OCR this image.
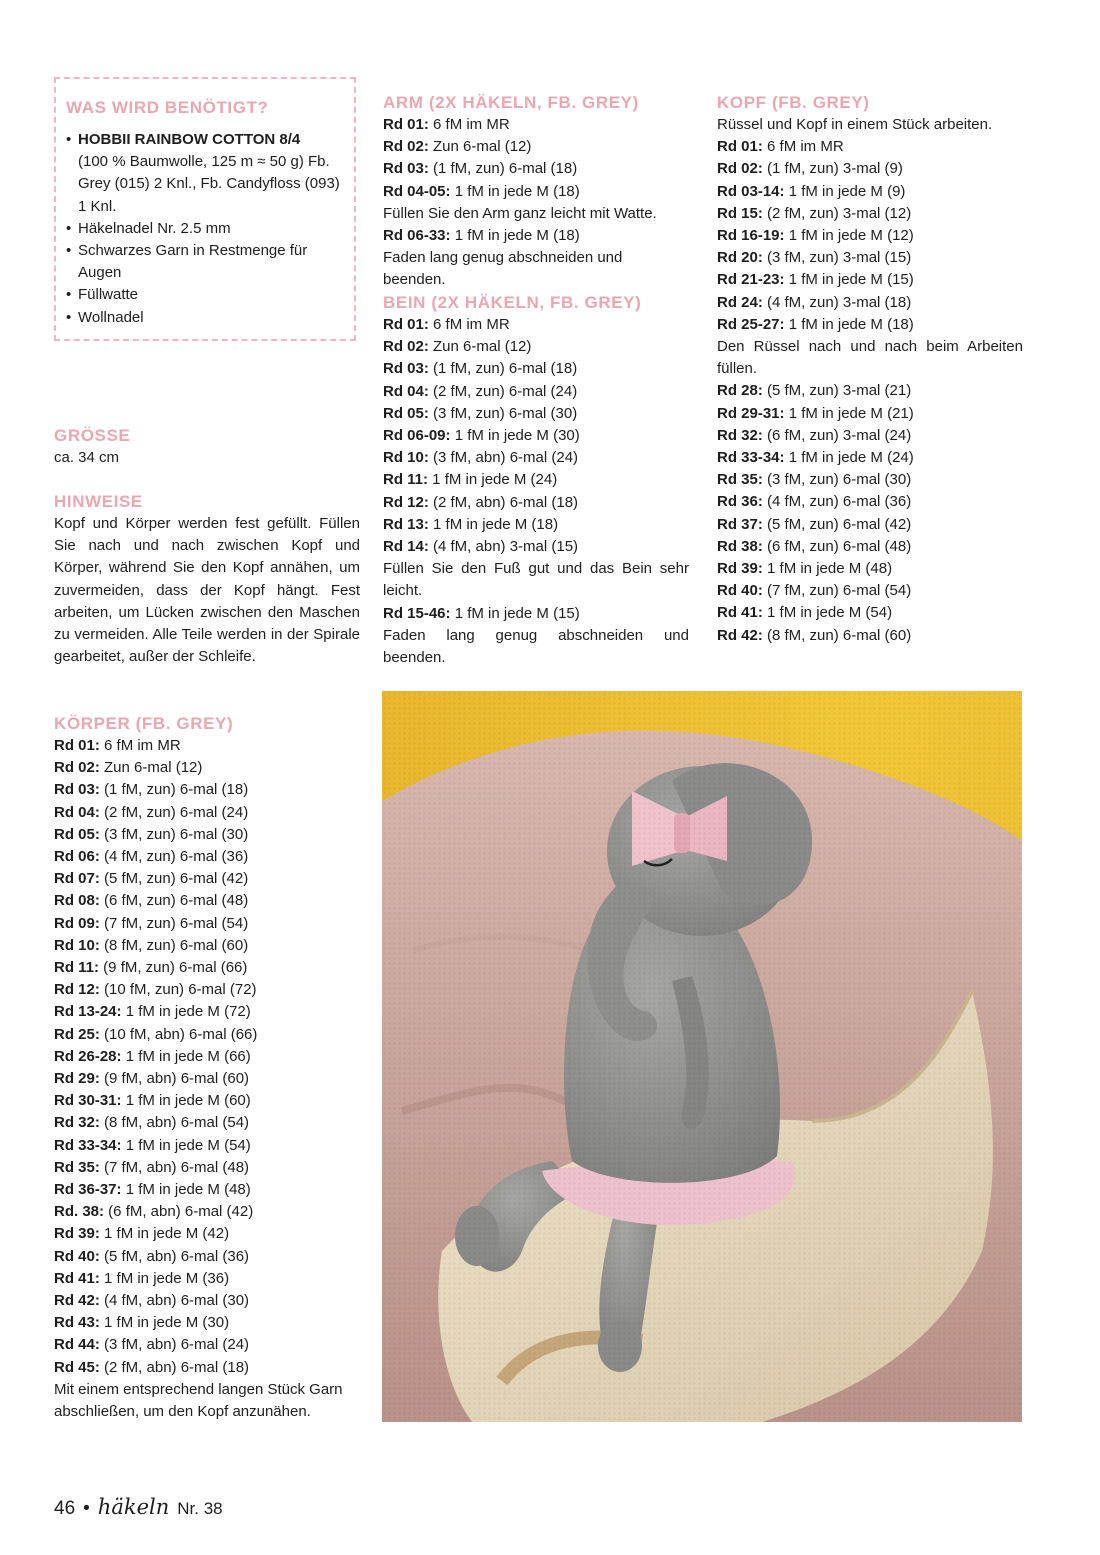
WAS WIRD BENÖTIGT?
• HOBBII RAINBOW COTTON 8/4
(100 % Baumwolle, 125 m ≈ 50 g) Fb. Grey (015) 2 Knl., Fb. Candyfloss (093) 1 Knl.
• Häkelnadel Nr. 2.5 mm
• Schwarzes Garn in Restmenge für Augen
• Füllwatte
• Wollnadel
GRÖSSE
ca. 34 cm
HINWEISE
Kopf und Körper werden fest gefüllt. Füllen Sie nach und nach zwischen Kopf und Körper, während Sie den Kopf annähen, um zuvermeiden, dass der Kopf hängt. Fest arbeiten, um Lücken zwischen den Maschen zu vermeiden. Alle Teile werden in der Spirale gearbeitet, außer der Schleife.
ARM (2X HÄKELN, FB. GREY)
Rd 01: 6 fM im MR
Rd 02: Zun 6-mal (12)
Rd 03: (1 fM, zun) 6-mal (18)
Rd 04-05: 1 fM in jede M (18)
Füllen Sie den Arm ganz leicht mit Watte.
Rd 06-33: 1 fM in jede M (18)
Faden lang genug abschneiden und beenden.
BEIN (2X HÄKELN, FB. GREY)
Rd 01: 6 fM im MR
Rd 02: Zun 6-mal (12)
Rd 03: (1 fM, zun) 6-mal (18)
Rd 04: (2 fM, zun) 6-mal (24)
Rd 05: (3 fM, zun) 6-mal (30)
Rd 06-09: 1 fM in jede M (30)
Rd 10: (3 fM, abn) 6-mal (24)
Rd 11: 1 fM in jede M (24)
Rd 12: (2 fM, abn) 6-mal (18)
Rd 13: 1 fM in jede M (18)
Rd 14: (4 fM, abn) 3-mal (15)
Füllen Sie den Fuß gut und das Bein sehr leicht.
Rd 15-46: 1 fM in jede M (15)
Faden lang genug abschneiden und beenden.
KOPF (FB. GREY)
Rüssel und Kopf in einem Stück arbeiten.
Rd 01: 6 fM im MR
Rd 02: (1 fM, zun) 3-mal (9)
Rd 03-14: 1 fM in jede M (9)
Rd 15: (2 fM, zun) 3-mal (12)
Rd 16-19: 1 fM in jede M (12)
Rd 20: (3 fM, zun) 3-mal (15)
Rd 21-23: 1 fM in jede M (15)
Rd 24: (4 fM, zun) 3-mal (18)
Rd 25-27: 1 fM in jede M (18)
Den Rüssel nach und nach beim Arbeiten füllen.
Rd 28: (5 fM, zun) 3-mal (21)
Rd 29-31: 1 fM in jede M (21)
Rd 32: (6 fM, zun) 3-mal (24)
Rd 33-34: 1 fM in jede M (24)
Rd 35: (3 fM, zun) 6-mal (30)
Rd 36: (4 fM, zun) 6-mal (36)
Rd 37: (5 fM, zun) 6-mal (42)
Rd 38: (6 fM, zun) 6-mal (48)
Rd 39: 1 fM in jede M (48)
Rd 40: (7 fM, zun) 6-mal (54)
Rd 41: 1 fM in jede M (54)
Rd 42: (8 fM, zun) 6-mal (60)
KÖRPER (FB. GREY)
Rd 01: 6 fM im MR
Rd 02: Zun 6-mal (12)
Rd 03: (1 fM, zun) 6-mal (18)
Rd 04: (2 fM, zun) 6-mal (24)
Rd 05: (3 fM, zun) 6-mal (30)
Rd 06: (4 fM, zun) 6-mal (36)
Rd 07: (5 fM, zun) 6-mal (42)
Rd 08: (6 fM, zun) 6-mal (48)
Rd 09: (7 fM, zun) 6-mal (54)
Rd 10: (8 fM, zun) 6-mal (60)
Rd 11: (9 fM, zun) 6-mal (66)
Rd 12: (10 fM, zun) 6-mal (72)
Rd 13-24: 1 fM in jede M (72)
Rd 25: (10 fM, abn) 6-mal (66)
Rd 26-28: 1 fM in jede M (66)
Rd 29: (9 fM, abn) 6-mal (60)
Rd 30-31: 1 fM in jede M (60)
Rd 32: (8 fM, abn) 6-mal (54)
Rd 33-34: 1 fM in jede M (54)
Rd 35: (7 fM, abn) 6-mal (48)
Rd 36-37: 1 fM in jede M (48)
Rd. 38: (6 fM, abn) 6-mal (42)
Rd 39: 1 fM in jede M (42)
Rd 40: (5 fM, abn) 6-mal (36)
Rd 41: 1 fM in jede M (36)
Rd 42: (4 fM, abn) 6-mal (30)
Rd 43: 1 fM in jede M (30)
Rd 44: (3 fM, abn) 6-mal (24)
Rd 45: (2 fM, abn) 6-mal (18)
Mit einem entsprechend langen Stück Garn abschließen, um den Kopf anzunähen.
46 • häkeln Nr. 38
